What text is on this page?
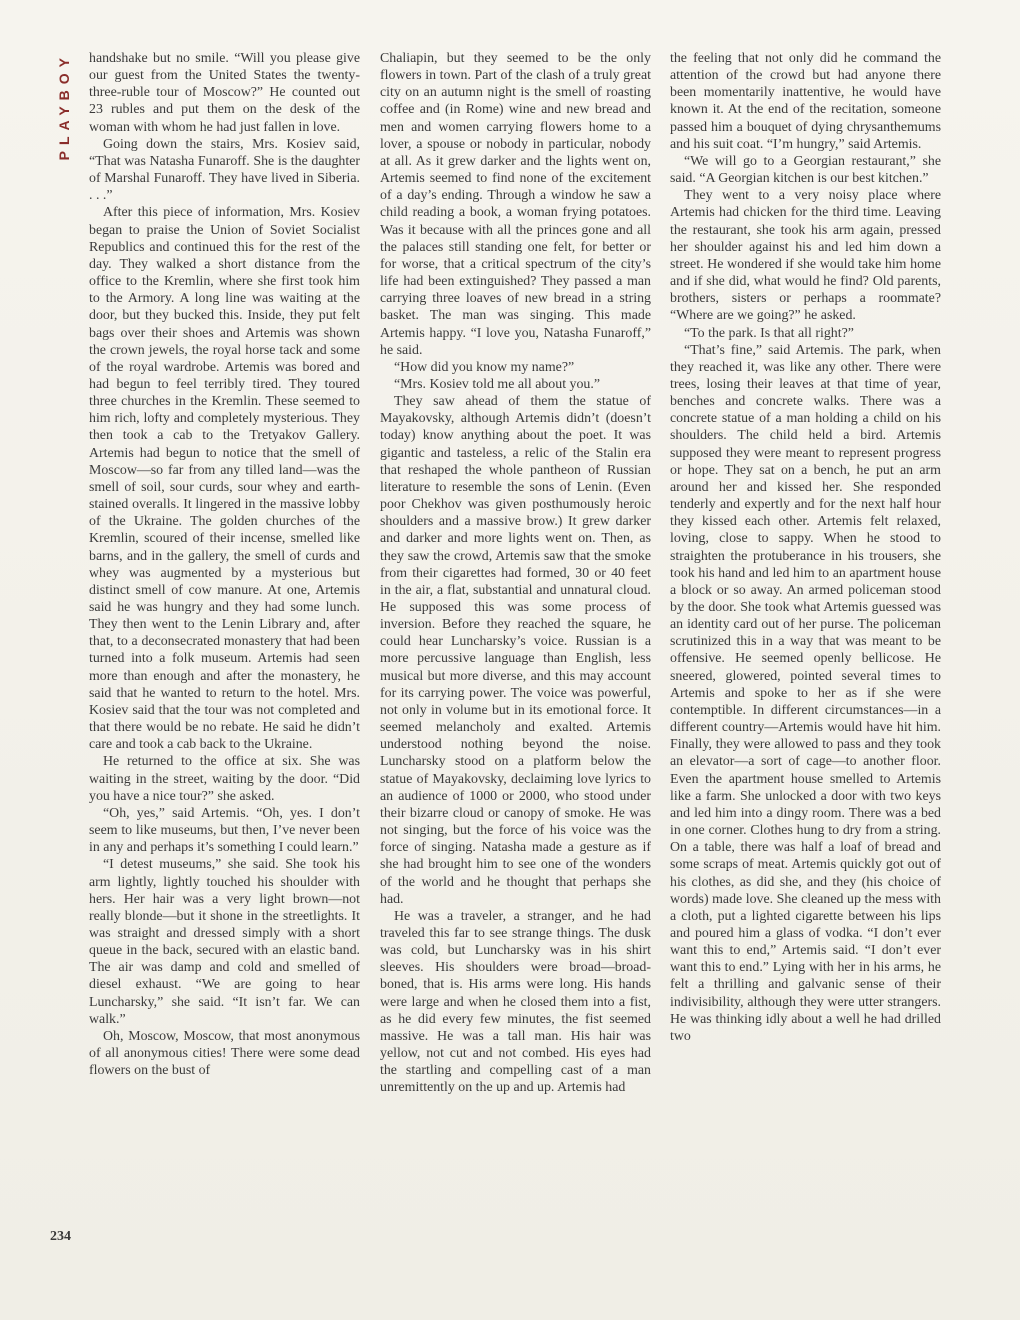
PLAYBOY	handshake but no smile. “Will you please give our guest from the United States the twenty-three-ruble tour of Moscow?” He counted out 23 rubles and put them on the desk of the woman with whom he had just fallen in love.

Going down the stairs, Mrs. Kosiev said, “That was Natasha Funaroff. She is the daughter of Marshal Funaroff. They have lived in Siberia. . . .”

After this piece of information, Mrs. Kosiev began to praise the Union of Soviet Socialist Republics and continued this for the rest of the day. They walked a short distance from the office to the Kremlin, where she first took him to the Armory. A long line was waiting at the door, but they bucked this. Inside, they put felt bags over their shoes and Artemis was shown the crown jewels, the royal horse tack and some of the royal wardrobe. Artemis was bored and had begun to feel terribly tired. They toured three churches in the Kremlin. These seemed to him rich, lofty and completely mysterious. They then took a cab to the Tretyakov Gallery. Artemis had begun to notice that the smell of Moscow—so far from any tilled land—was the smell of soil, sour curds, sour whey and earth-stained overalls. It lingered in the massive lobby of the Ukraine. The golden churches of the Kremlin, scoured of their incense, smelled like barns, and in the gallery, the smell of curds and whey was augmented by a mysterious but distinct smell of cow manure. At one, Artemis said he was hungry and they had some lunch. They then went to the Lenin Library and, after that, to a deconsecrated monastery that had been turned into a folk museum. Artemis had seen more than enough and after the monastery, he said that he wanted to return to the hotel. Mrs. Kosiev said that the tour was not completed and that there would be no rebate. He said he didn’t care and took a cab back to the Ukraine.

He returned to the office at six. She was waiting in the street, waiting by the door. “Did you have a nice tour?” she asked.

“Oh, yes,” said Artemis. “Oh, yes. I don’t seem to like museums, but then, I’ve never been in any and perhaps it’s something I could learn.”

“I detest museums,” she said. She took his arm lightly, lightly touched his shoulder with hers. Her hair was a very light brown—not really blonde—but it shone in the streetlights. It was straight and dressed simply with a short queue in the back, secured with an elastic band. The air was damp and cold and smelled of diesel exhaust. “We are going to hear Luncharsky,” she said. “It isn’t far. We can walk.”

Oh, Moscow, Moscow, that most anonymous of all anonymous cities! There were some dead flowers on the bust of

Chaliapin, but they seemed to be the only flowers in town. Part of the clash of a truly great city on an autumn night is the smell of roasting coffee and (in Rome) wine and new bread and men and women carrying flowers home to a lover, a spouse or nobody in particular, nobody at all. As it grew darker and the lights went on, Artemis seemed to find none of the excitement of a day’s ending. Through a window he saw a child reading a book, a woman frying potatoes. Was it because with all the princes gone and all the palaces still standing one felt, for better or for worse, that a critical spectrum of the city’s life had been extinguished? They passed a man carrying three loaves of new bread in a string basket. The man was singing. This made Artemis happy. “I love you, Natasha Funaroff,” he said.

“How did you know my name?”

“Mrs. Kosiev told me all about you.”

They saw ahead of them the statue of Mayakovsky, although Artemis didn’t (doesn’t today) know anything about the poet. It was gigantic and tasteless, a relic of the Stalin era that reshaped the whole pantheon of Russian literature to resemble the sons of Lenin. (Even poor Chekhov was given posthumously heroic shoulders and a massive brow.) It grew darker and darker and more lights went on. Then, as they saw the crowd, Artemis saw that the smoke from their cigarettes had formed, 30 or 40 feet in the air, a flat, substantial and unnatural cloud. He supposed this was some process of inversion. Before they reached the square, he could hear Luncharsky’s voice. Russian is a more percussive language than English, less musical but more diverse, and this may account for its carrying power. The voice was powerful, not only in volume but in its emotional force. It seemed melancholy and exalted. Artemis understood nothing beyond the noise. Luncharsky stood on a platform below the statue of Mayakovsky, declaiming love lyrics to an audience of 1000 or 2000, who stood under their bizarre cloud or canopy of smoke. He was not singing, but the force of his voice was the force of singing. Natasha made a gesture as if she had brought him to see one of the wonders of the world and he thought that perhaps she had.

He was a traveler, a stranger, and he had traveled this far to see strange things. The dusk was cold, but Luncharsky was in his shirt sleeves. His shoulders were broad—broad-boned, that is. His arms were long. His hands were large and when he closed them into a fist, as he did every few minutes, the fist seemed massive. He was a tall man. His hair was yellow, not cut and not combed. His eyes had the startling and compelling cast of a man unremittently on the up and up. Artemis had

the feeling that not only did he command the attention of the crowd but had anyone there been momentarily inattentive, he would have known it. At the end of the recitation, someone passed him a bouquet of dying chrysanthemums and his suit coat. “I’m hungry,” said Artemis.

“We will go to a Georgian restaurant,” she said. “A Georgian kitchen is our best kitchen.”

They went to a very noisy place where Artemis had chicken for the third time. Leaving the restaurant, she took his arm again, pressed her shoulder against his and led him down a street. He wondered if she would take him home and if she did, what would he find? Old parents, brothers, sisters or perhaps a roommate? “Where are we going?” he asked.

“To the park. Is that all right?”

“That’s fine,” said Artemis. The park, when they reached it, was like any other. There were trees, losing their leaves at that time of year, benches and concrete walks. There was a concrete statue of a man holding a child on his shoulders. The child held a bird. Artemis supposed they were meant to represent progress or hope. They sat on a bench, he put an arm around her and kissed her. She responded tenderly and expertly and for the next half hour they kissed each other. Artemis felt relaxed, loving, close to sappy. When he stood to straighten the protuberance in his trousers, she took his hand and led him to an apartment house a block or so away. An armed policeman stood by the door. She took what Artemis guessed was an identity card out of her purse. The policeman scrutinized this in a way that was meant to be offensive. He seemed openly bellicose. He sneered, glowered, pointed several times to Artemis and spoke to her as if she were contemptible. In different circumstances—in a different country—Artemis would have hit him. Finally, they were allowed to pass and they took an elevator—a sort of cage—to another floor. Even the apartment house smelled to Artemis like a farm. She unlocked a door with two keys and led him into a dingy room. There was a bed in one corner. Clothes hung to dry from a string. On a table, there was half a loaf of bread and some scraps of meat. Artemis quickly got out of his clothes, as did she, and they (his choice of words) made love. She cleaned up the mess with a cloth, put a lighted cigarette between his lips and poured him a glass of vodka. “I don’t ever want this to end,” Artemis said. “I don’t ever want this to end.” Lying with her in his arms, he felt a thrilling and galvanic sense of their indivisibility, although they were utter strangers. He was thinking idly about a well he had drilled two

234
